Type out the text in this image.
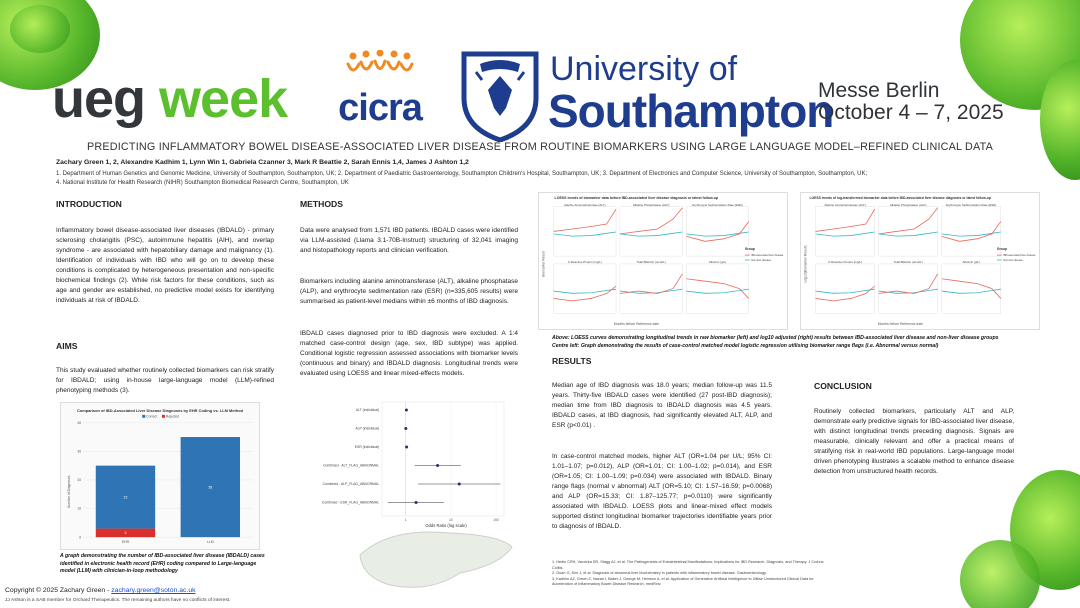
ueg week cicra
University of
Southampton
Messe Berlin
October 4 – 7, 2025
PREDICTING INFLAMMATORY BOWEL DISEASE-ASSOCIATED LIVER DISEASE FROM ROUTINE BIOMARKERS USING LARGE LANGUAGE MODEL–REFINED CLINICAL DATA
Zachary Green 1, 2, Alexandre Kadhim 1, Lynn Win 1, Gabriela Czanner 3, Mark R Beattie 2, Sarah Ennis 1,4, James J Ashton 1,2
1. Department of Human Genetics and Genomic Medicine, University of Southampton, Southampton, UK; 2. Department of Paediatric Gastroenterology, Southampton Children's Hospital, Southampton, UK; 3. Department of Electronics and Computer Science, University of Southampton, Southampton, UK;
4. National Institute for Health Research (NIHR) Southampton Biomedical Research Centre, Southampton, UK
INTRODUCTION
Inflammatory bowel disease-associated liver diseases (IBDALD) - primary sclerosing cholangitis (PSC), autoimmune hepatitis (AIH), and overlap syndrome - are associated with hepatobiliary damage and malignancy (1). Identification of individuals with IBD who will go on to develop these conditions is complicated by heterogeneous presentation and non-specific biochemical findings (2). While risk factors for these conditions, such as age and gender are established, no predictive model exists for identifying individuals at risk of IBDALD.
AIMS
This study evaluated whether routinely collected biomarkers can risk stratify for IBDALD; using in-house large-language model (LLM)-refined phenotyping methods (3).
Comparison of IBD-Associated Liver Disease Diagnoses by EHR Coding vs. LLM Method
Correct	Rejected
Number of Diagnoses
0
10
20
30
40
3
22
EHR
35
LLM
A graph demonstrating the number of IBD-associated liver disease (IBDALD) cases identified in electronic health record (EHR) coding compared to Large-language model (LLM) with clinician-in-loop methodology
METHODS
Data were analysed from 1,571 IBD patients. IBDALD cases were identified via LLM-assisted (Llama 3.1-70B-Instruct) structuring of 32,041 imaging and histopathology reports and clinician verification.
Biomarkers including alanine aminotransferase (ALT), alkaline phosphatase (ALP), and erythrocyte sedimentation rate (ESR) (n=335,605 results) were summarised as patient-level medians within ±6 months of IBD diagnosis.
IBDALD cases diagnosed prior to IBD diagnosis were excluded. A 1:4 matched case-control design (age, sex, IBD subtype) was applied. Conditional logistic regression assessed associations with biomarker levels (continuous and binary) and IBDALD diagnosis. Longitudinal trends were evaluated using LOESS and linear mixed-effects models.
1	10	100
ALT (individual)
ALP (individual)
ESR (individual)
Combined - ALT_FLAG_ABNORMAL
Combined - ALP_FLAG_ABNORMAL
Combined - ESR_FLAG_ABNORMAL
Odds Ratio (log scale)
LOESS trends of biomarker data before IBD-associated liver disease diagnosis or latest follow-up
Biomarker Result
Months before Reference date
Alanine Aminotransferase (ALT)	Alkaline Phosphatase (ALP)	Erythrocyte Sedimentation Rate (ESR)
C-Reactive Protein (mg/L)	Total Bilirubin (umol/L)	Albumin (g/L)
Group
IBD-associated liver disease
Non-liver disease
LOESS trends of log-transformed biomarker data before IBD-associated liver disease diagnosis or latest follow-up
Log10(Biomarker Result)
Months before Reference date
Alanine Aminotransferase (ALT)	Alkaline Phosphatase (ALP)	Erythrocyte Sedimentation Rate (ESR)
C-Reactive Protein (mg/L)	Total Bilirubin (umol/L)	Albumin (g/L)
Group
IBD-associated liver disease
Non-liver disease
Above: LOESS curves demonstrating longitudinal trends in raw biomarker (left) and log10 adjusted (right) results between IBD-associated liver disease and non-liver disease groups Centre left: Graph demonstrating the results of case-control matched model logistic regression utilising biomarker range flags (i.e. Abnormal versus normal)
RESULTS
Median age of IBD diagnosis was 18.0 years; median follow-up was 11.5 years. Thirty-five IBDALD cases were identified (27 post-IBD diagnosis); median time from IBD diagnosis to IBDALD diagnosis was 4.5 years. IBDALD cases, at IBD diagnosis, had significantly elevated ALT, ALP, and ESR (p<0.01) .
In case-control matched models, higher ALT (OR=1.04 per U/L; 95% CI: 1.01–1.07; p=0.012), ALP (OR=1.01; CI: 1.00–1.02; p=0.014), and ESR (OR=1.05; CI: 1.00–1.09; p=0.034) were associated with IBDALD. Binary range flags (normal v abnormal) ALT (OR=5.10; CI: 1.57–16.59; p=0.0068) and ALP (OR=15.33; CI: 1.87–125.77; p=0.0110) were significantly associated with IBDALD. LOESS plots and linear-mixed effect models supported distinct longitudinal biomarker trajectories identifiable years prior to diagnosis of IBDALD.
CONCLUSION
Routinely collected biomarkers, particularly ALT and ALP, demonstrate early predictive signals for IBD-associated liver disease, with distinct longitudinal trends preceding diagnosis. Signals are measurable, clinically relevant and offer a practical means of stratifying risk in real-world IBD populations. Large-language model driven phenotyping illustrates a scalable method to enhance disease detection from unstructured health records.
1. Hedin CRH, Vavricka SR, Stagg AJ, et al. The Pathogenesis of Extraintestinal Manifestations: Implications for IBD Research, Diagnosis, and Therapy. J Crohns Colitis.
2. Guan G, Kim J, et al. Diagnosis of abnormal liver biochemistry in patients with inflammatory bowel disease. Gastroenterology.
3. Kadhim AZ, Green Z, Nazari I, Baker J, George M, Heinson A, et al. Application of Generative Artificial Intelligence to Utilise Unstructured Clinical Data for Acceleration of Inflammatory Bowel Disease Research. medRxiv.
Copyright © 2025 Zachary Green - zachary.green@soton.ac.uk
JJ Ashton is a SAB member for Orchard Therapeutics. The remaining authors have no conflicts of interest.
